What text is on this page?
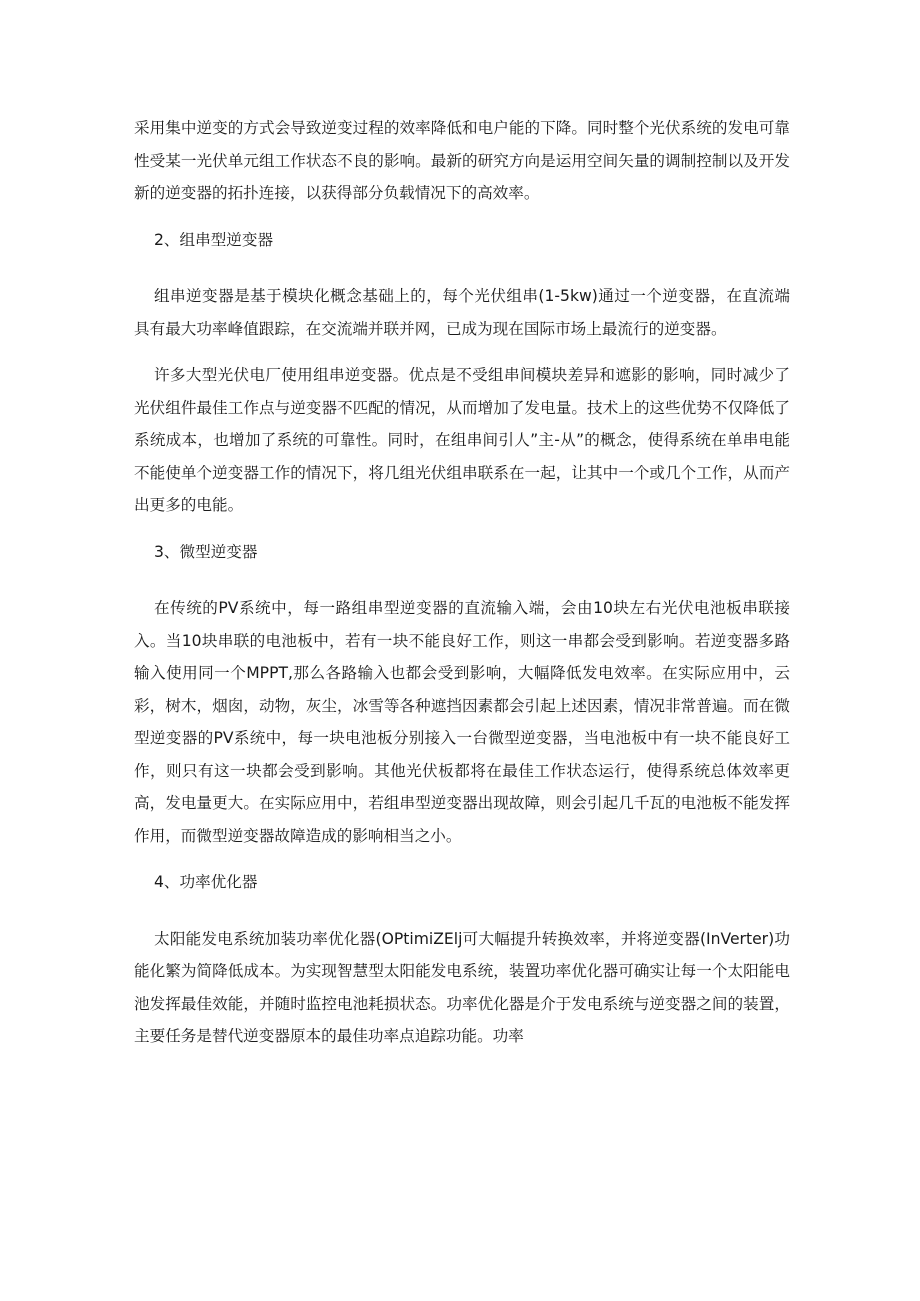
采用集中逆变的方式会导致逆变过程的效率降低和电户能的下降。同时整个光伏系统的发电可靠性受某一光伏单元组工作状态不良的影响。最新的研究方向是运用空间矢量的调制控制以及开发新的逆变器的拓扑连接，以获得部分负载情况下的高效率。

2、组串型逆变器

组串逆变器是基于模块化概念基础上的，每个光伏组串(1-5kw)通过一个逆变器，在直流端具有最大功率峰值跟踪，在交流端并联并网，已成为现在国际市场上最流行的逆变器。

许多大型光伏电厂使用组串逆变器。优点是不受组串间模块差异和遮影的影响，同时减少了光伏组件最佳工作点与逆变器不匹配的情况，从而增加了发电量。技术上的这些优势不仅降低了系统成本，也增加了系统的可靠性。同时，在组串间引人”主-从”的概念，使得系统在单串电能不能使单个逆变器工作的情况下，将几组光伏组串联系在一起，让其中一个或几个工作，从而产出更多的电能。

3、微型逆变器

在传统的PV系统中，每一路组串型逆变器的直流输入端，会由10块左右光伏电池板串联接入。当10块串联的电池板中，若有一块不能良好工作，则这一串都会受到影响。若逆变器多路输入使用同一个MPPT,那么各路输入也都会受到影响，大幅降低发电效率。在实际应用中，云彩，树木，烟囱，动物，灰尘，冰雪等各种遮挡因素都会引起上述因素，情况非常普遍。而在微型逆变器的PV系统中，每一块电池板分别接入一台微型逆变器，当电池板中有一块不能良好工作，则只有这一块都会受到影响。其他光伏板都将在最佳工作状态运行，使得系统总体效率更高，发电量更大。在实际应用中，若组串型逆变器出现故障，则会引起几千瓦的电池板不能发挥作用，而微型逆变器故障造成的影响相当之小。

4、功率优化器

太阳能发电系统加装功率优化器(OPtimiZElj可大幅提升转换效率，并将逆变器(InVerter)功能化繁为简降低成本。为实现智慧型太阳能发电系统，装置功率优化器可确实让每一个太阳能电池发挥最佳效能，并随时监控电池耗损状态。功率优化器是介于发电系统与逆变器之间的装置，主要任务是替代逆变器原本的最佳功率点追踪功能。功率
